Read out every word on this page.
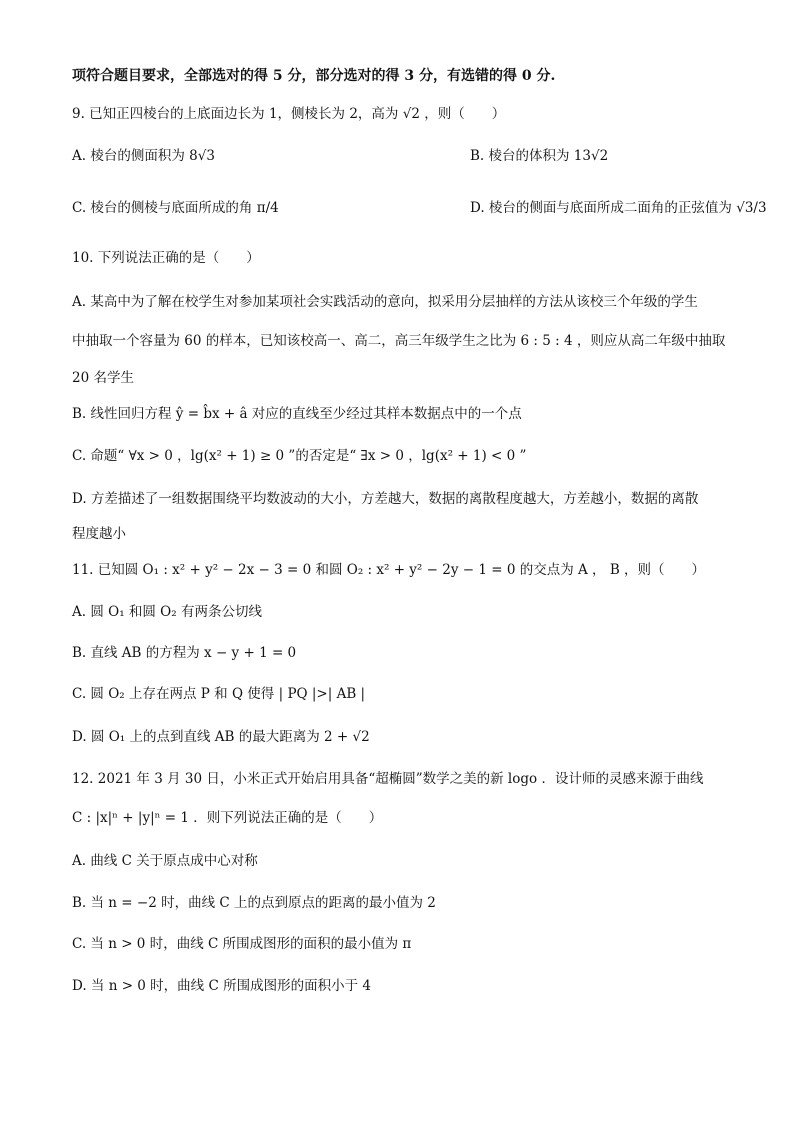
项符合题目要求，全部选对的得 5 分，部分选对的得 3 分，有选错的得 0 分.
9. 已知正四棱台的上底面边长为 1，侧棱长为 2，高为 √2 ，则（　　）
A. 棱台的侧面积为 8√3	B. 棱台的体积为 13√2
C. 棱台的侧棱与底面所成的角 π/4	D. 棱台的侧面与底面所成二面角的正弦值为 √3/3
10. 下列说法正确的是（　　）
A. 某高中为了解在校学生对参加某项社会实践活动的意向，拟采用分层抽样的方法从该校三个年级的学生
中抽取一个容量为 60 的样本，已知该校高一、高二，高三年级学生之比为 6 : 5 : 4 ，则应从高二年级中抽取
20 名学生
B. 线性回归方程 ŷ = b̂x + â 对应的直线至少经过其样本数据点中的一个点
C. 命题“ ∀x > 0 ，lg(x² + 1) ≥ 0 ”的否定是“ ∃x > 0 ，lg(x² + 1) < 0 ”
D. 方差描述了一组数据围绕平均数波动的大小，方差越大，数据的离散程度越大，方差越小，数据的离散
程度越小
11. 已知圆 O₁ : x² + y² − 2x − 3 = 0 和圆 O₂ : x² + y² − 2y − 1 = 0 的交点为 A ， B ，则（　　）
A. 圆 O₁ 和圆 O₂ 有两条公切线
B. 直线 AB 的方程为 x − y + 1 = 0
C. 圆 O₂ 上存在两点 P 和 Q 使得 | PQ |>| AB |
D. 圆 O₁ 上的点到直线 AB 的最大距离为 2 + √2
12. 2021 年 3 月 30 日，小米正式开始启用具备“超椭圆”数学之美的新 logo ．设计师的灵感来源于曲线
C : |x|ⁿ + |y|ⁿ = 1 ．则下列说法正确的是（　　）
A. 曲线 C 关于原点成中心对称
B. 当 n = −2 时，曲线 C 上的点到原点的距离的最小值为 2
C. 当 n > 0 时，曲线 C 所围成图形的面积的最小值为 π
D. 当 n > 0 时，曲线 C 所围成图形的面积小于 4
